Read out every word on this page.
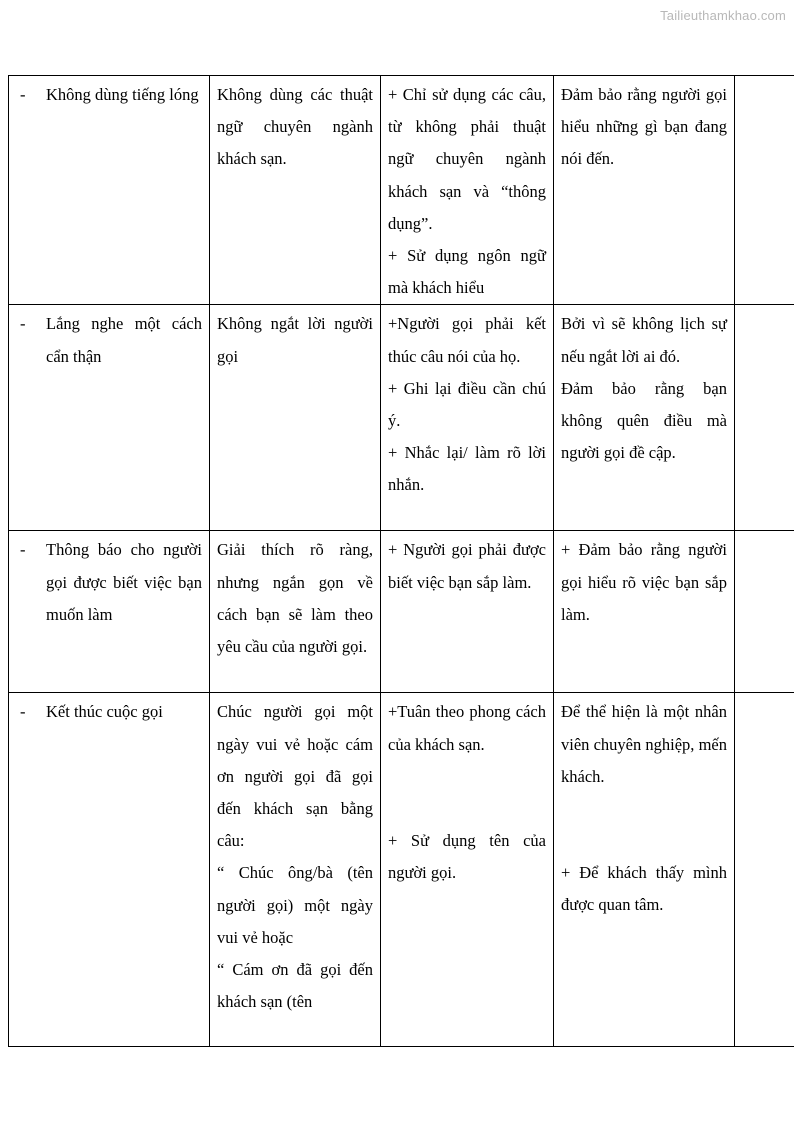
Tailieuthamkhao.com
- Không dùng tiếng lóng	Không dùng các thuật ngữ chuyên ngành khách sạn.	+ Chỉ sử dụng các câu, từ không phải thuật ngữ chuyên ngành khách sạn và “thông dụng”.
+ Sử dụng ngôn ngữ mà khách hiểu	Đảm bảo rằng người gọi hiểu những gì bạn đang nói đến.	

- Lắng nghe một cách cẩn thận	Không ngắt lời người gọi	+Người gọi phải kết thúc câu nói của họ.
+ Ghi lại điều cần chú ý.
+ Nhắc lại/ làm rõ lời nhắn.	Bởi vì sẽ không lịch sự nếu ngắt lời ai đó.
Đảm bảo rằng bạn không quên điều mà người gọi đề cập.	

- Thông báo cho người gọi được biết việc bạn muốn làm	Giải thích rõ ràng, nhưng ngắn gọn về cách bạn sẽ làm theo yêu cầu của người gọi.	+ Người gọi phải được biết việc bạn sắp làm.	+ Đảm bảo rằng người gọi hiểu rõ việc bạn sắp làm.	

- Kết thúc cuộc gọi	Chúc người gọi một ngày vui vẻ hoặc cám ơn người gọi đã gọi đến khách sạn bằng câu:
“ Chúc ông/bà (tên người gọi) một ngày vui vẻ hoặc
“ Cám ơn đã gọi đến khách sạn (tên	+Tuân theo phong cách của khách sạn.
+ Sử dụng tên của người gọi.	Để thể hiện là một nhân viên chuyên nghiệp, mến khách.
+ Để khách thấy mình được quan tâm.	
